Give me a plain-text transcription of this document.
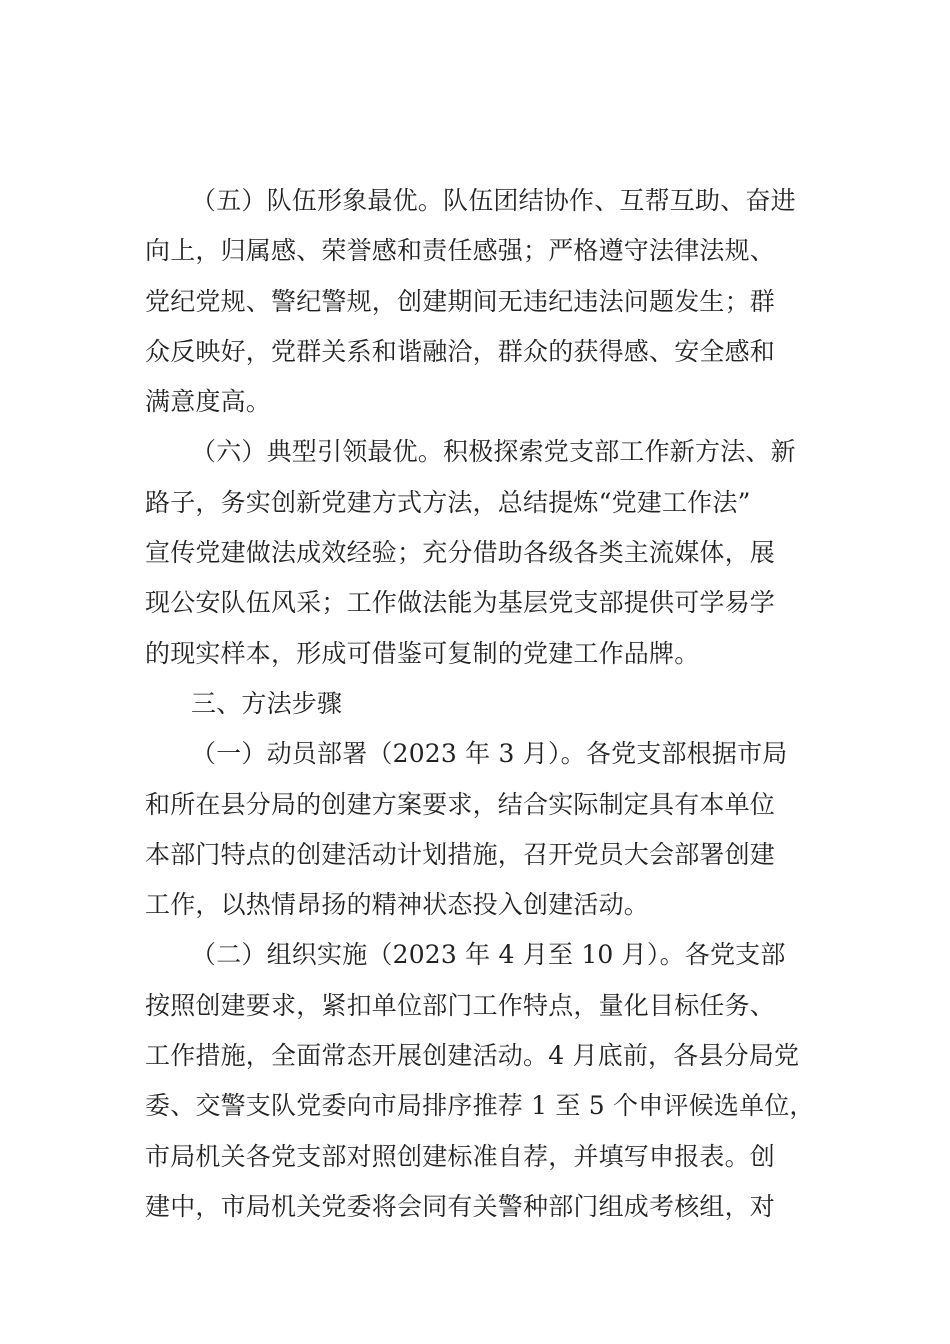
（五）队伍形象最优。队伍团结协作、互帮互助、奋进
向上，归属感、荣誉感和责任感强；严格遵守法律法规、
党纪党规、警纪警规，创建期间无违纪违法问题发生；群
众反映好，党群关系和谐融洽，群众的获得感、安全感和
满意度高。
（六）典型引领最优。积极探索党支部工作新方法、新
路子，务实创新党建方式方法，总结提炼“党建工作法”
宣传党建做法成效经验；充分借助各级各类主流媒体，展
现公安队伍风采；工作做法能为基层党支部提供可学易学
的现实样本，形成可借鉴可复制的党建工作品牌。
三、方法步骤
（一）动员部署（2023 年 3 月）。各党支部根据市局
和所在县分局的创建方案要求，结合实际制定具有本单位
本部门特点的创建活动计划措施，召开党员大会部署创建
工作，以热情昂扬的精神状态投入创建活动。
（二）组织实施（2023 年 4 月至 10 月）。各党支部
按照创建要求，紧扣单位部门工作特点，量化目标任务、
工作措施，全面常态开展创建活动。4 月底前，各县分局党
委、交警支队党委向市局排序推荐 1 至 5 个申评候选单位，
市局机关各党支部对照创建标准自荐，并填写申报表。创
建中，市局机关党委将会同有关警种部门组成考核组，对
